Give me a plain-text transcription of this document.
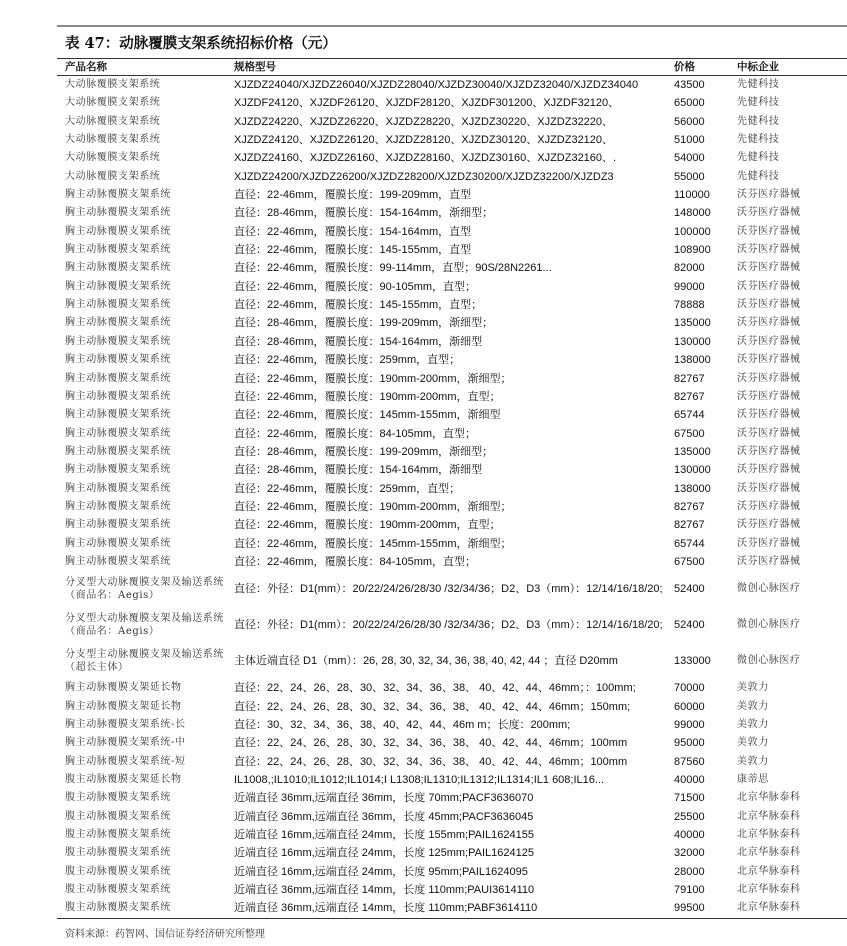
表 47：动脉覆膜支架系统招标价格（元）
产品名称	规格型号	价格	中标企业
大动脉覆膜支架系统	XJZDZ24040/XJZDZ26040/XJZDZ28040/XJZDZ30040/XJZDZ32040/XJZDZ34040	43500	先健科技
大动脉覆膜支架系统	XJZDF24120、XJZDF26120、XJZDF28120、XJZDF301200、XJZDF32120、	65000	先健科技
大动脉覆膜支架系统	XJZDZ24220、XJZDZ26220、XJZDZ28220、XJZDZ30220、XJZDZ32220、	56000	先健科技
大动脉覆膜支架系统	XJZDZ24120、XJZDZ26120、XJZDZ28120、XJZDZ30120、XJZDZ32120、	51000	先健科技
大动脉覆膜支架系统	XJZDZ24160、XJZDZ26160、XJZDZ28160、XJZDZ30160、XJZDZ32160、.	54000	先健科技
大动脉覆膜支架系统	XJZDZ24200/XJZDZ26200/XJZDZ28200/XJZDZ30200/XJZDZ32200/XJZDZ3	55000	先健科技
胸主动脉覆膜支架系统	直径：22-46mm，覆膜长度：199-209mm，直型	110000	沃芬医疗器械
胸主动脉覆膜支架系统	直径：28-46mm，覆膜长度：154-164mm，渐细型；	148000	沃芬医疗器械
胸主动脉覆膜支架系统	直径：22-46mm，覆膜长度：154-164mm，直型	100000	沃芬医疗器械
胸主动脉覆膜支架系统	直径：22-46mm，覆膜长度：145-155mm，直型	108900	沃芬医疗器械
胸主动脉覆膜支架系统	直径：22-46mm，覆膜长度：99-114mm，直型；90S/28N2261...	82000	沃芬医疗器械
胸主动脉覆膜支架系统	直径：22-46mm，覆膜长度：90-105mm，直型；	99000	沃芬医疗器械
胸主动脉覆膜支架系统	直径：22-46mm，覆膜长度：145-155mm，直型；	78888	沃芬医疗器械
胸主动脉覆膜支架系统	直径：28-46mm，覆膜长度：199-209mm，渐细型；	135000	沃芬医疗器械
胸主动脉覆膜支架系统	直径：28-46mm，覆膜长度：154-164mm，渐细型	130000	沃芬医疗器械
胸主动脉覆膜支架系统	直径：22-46mm，覆膜长度：259mm，直型；	138000	沃芬医疗器械
胸主动脉覆膜支架系统	直径：22-46mm，覆膜长度：190mm-200mm，渐细型；	82767	沃芬医疗器械
胸主动脉覆膜支架系统	直径：22-46mm，覆膜长度：190mm-200mm，直型；	82767	沃芬医疗器械
胸主动脉覆膜支架系统	直径：22-46mm，覆膜长度：145mm-155mm，渐细型	65744	沃芬医疗器械
胸主动脉覆膜支架系统	直径：22-46mm，覆膜长度：84-105mm，直型；	67500	沃芬医疗器械
胸主动脉覆膜支架系统	直径：28-46mm，覆膜长度：199-209mm，渐细型；	135000	沃芬医疗器械
胸主动脉覆膜支架系统	直径：28-46mm，覆膜长度：154-164mm，渐细型	130000	沃芬医疗器械
胸主动脉覆膜支架系统	直径：22-46mm，覆膜长度：259mm，直型；	138000	沃芬医疗器械
胸主动脉覆膜支架系统	直径：22-46mm，覆膜长度：190mm-200mm，渐细型；	82767	沃芬医疗器械
胸主动脉覆膜支架系统	直径：22-46mm，覆膜长度：190mm-200mm，直型；	82767	沃芬医疗器械
胸主动脉覆膜支架系统	直径：22-46mm，覆膜长度：145mm-155mm，渐细型；	65744	沃芬医疗器械
胸主动脉覆膜支架系统	直径：22-46mm，覆膜长度：84-105mm，直型；	67500	沃芬医疗器械

分叉型大动脉覆膜支架及输送系统（商品名：Aegis）	直径：外径：D1(mm）：20/22/24/26/28/30 /32/34/36；D2、D3（mm）：12/14/16/18/20;	52400	微创心脉医疗

分叉型大动脉覆膜支架及输送系统（商品名：Aegis）	直径：外径：D1(mm）：20/22/24/26/28/30 /32/34/36；D2、D3（mm）：12/14/16/18/20;	52400	微创心脉医疗

分支型主动脉覆膜支架及输送系统（超长主体）	主体近端直径 D1（mm）：26, 28, 30, 32, 34, 36, 38, 40, 42, 44 ；直径 D20mm	133000	微创心脉医疗
胸主动脉覆膜支架延长物	直径：22、24、26、28、30、32、34、36、38、 40、42、44、46mm；：100mm;	70000	美敦力
胸主动脉覆膜支架延长物	直径：22、24、26、28、30、32、34、36、38、 40、42、44、46mm；150mm;	60000	美敦力
胸主动脉覆膜支架系统-长	直径：30、32、34、36、38、40、42、44、46m m；长度：200mm;	99000	美敦力
胸主动脉覆膜支架系统-中	直径：22、24、26、28、30、32、34、36、38、 40、42、44、46mm；100mm	95000	美敦力
胸主动脉覆膜支架系统-短	直径：22、24、26、28、30、32、34、36、38、 40、42、44、46mm；100mm	87560	美敦力
腹主动脉覆膜支架延长物	IL1008,;IL1010;IL1012;IL1014;I L1308;IL1310;IL1312;IL1314;IL1 608;IL16...	40000	康蒂思
腹主动脉覆膜支架系统	近端直径 36mm,远端直径 36mm，长度 70mm;PACF3636070	71500	北京华脉泰科
腹主动脉覆膜支架系统	近端直径 36mm,远端直径 36mm，长度 45mm;PACF3636045	25500	北京华脉泰科
腹主动脉覆膜支架系统	近端直径 16mm,远端直径 24mm，长度 155mm;PAIL1624155	40000	北京华脉泰科
腹主动脉覆膜支架系统	近端直径 16mm,远端直径 24mm，长度 125mm;PAIL1624125	32000	北京华脉泰科
腹主动脉覆膜支架系统	近端直径 16mm,远端直径 24mm，长度 95mm;PAIL1624095	28000	北京华脉泰科
腹主动脉覆膜支架系统	近端直径 36mm,远端直径 14mm，长度 110mm;PAUI3614110	79100	北京华脉泰科
腹主动脉覆膜支架系统	近端直径 36mm,远端直径 14mm，长度 110mm;PABF3614110	99500	北京华脉泰科
资料来源：药智网、国信证券经济研究所整理
